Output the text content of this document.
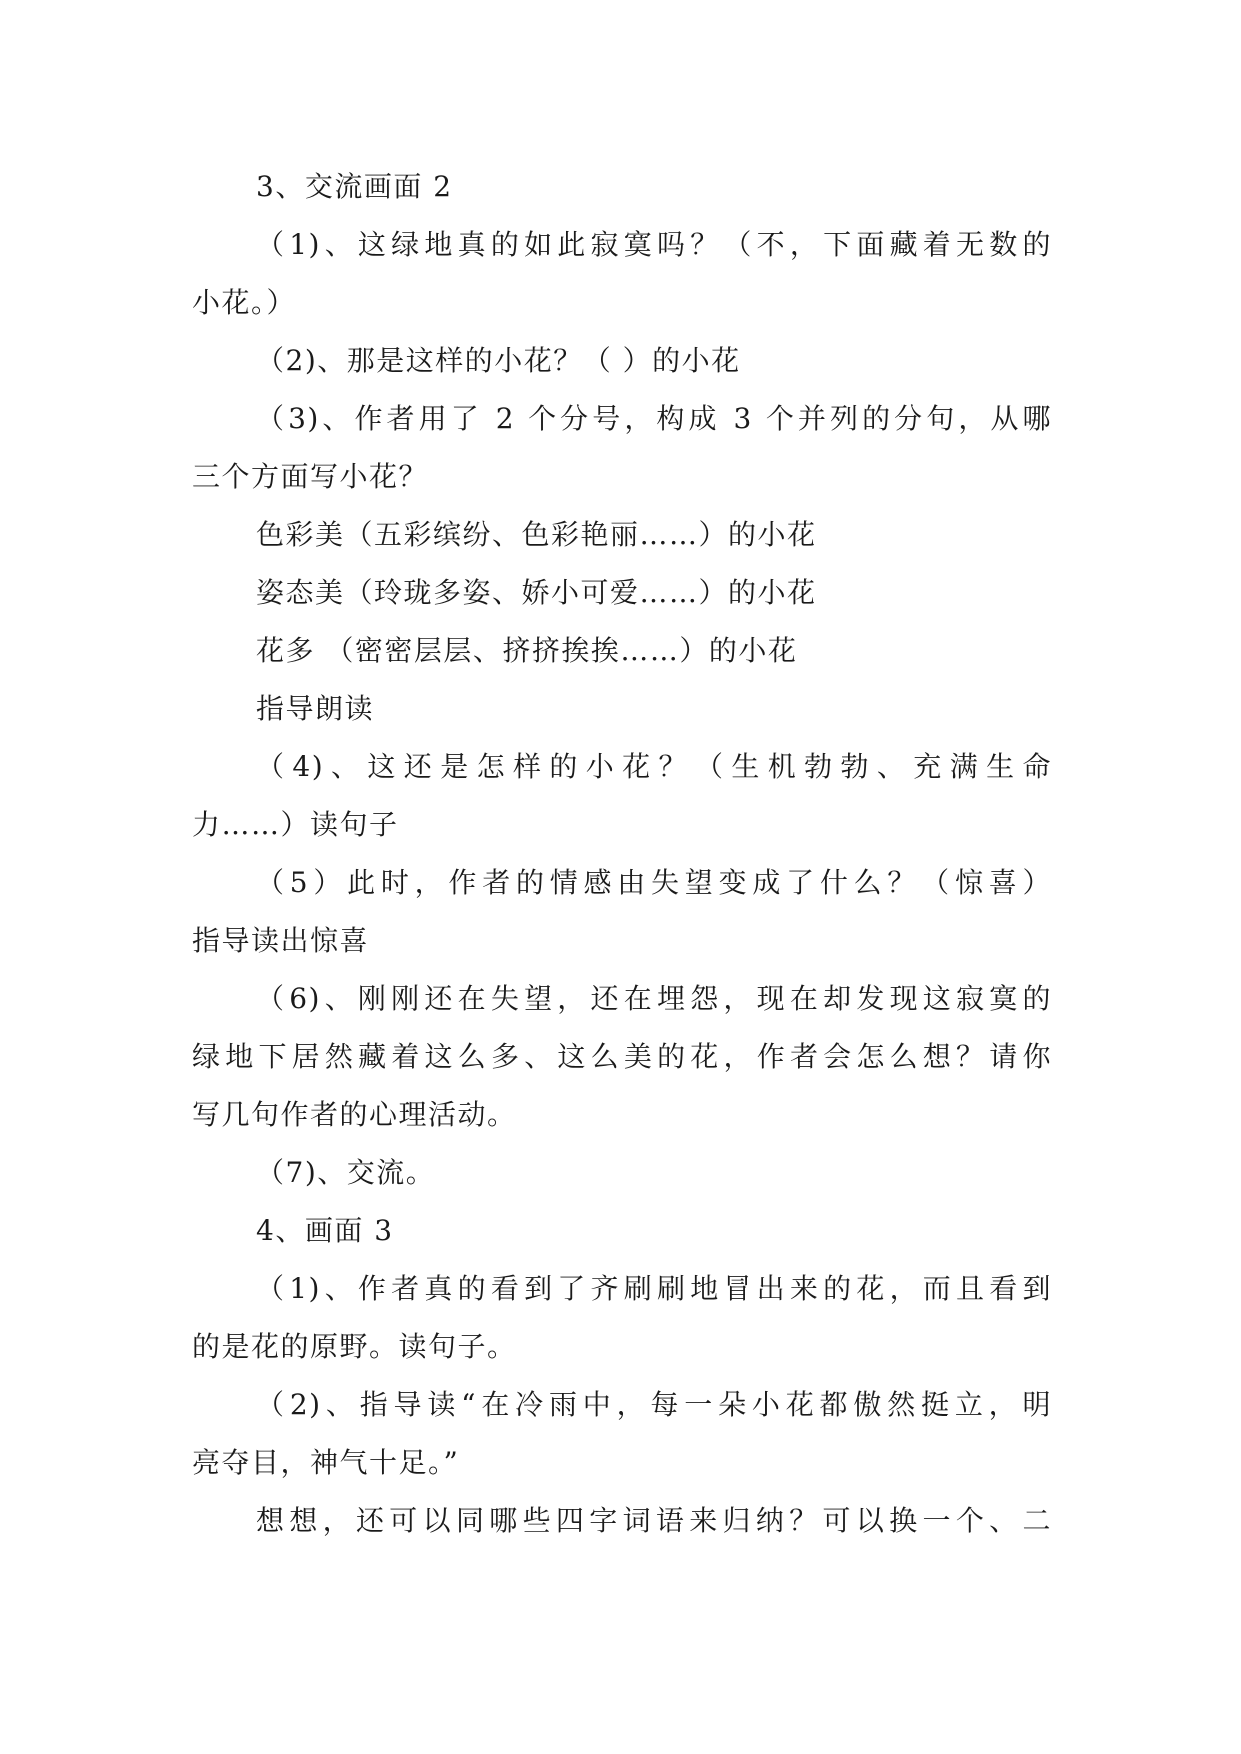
3、交流画面 2
（1)、这绿地真的如此寂寞吗？（不，下面藏着无数的
小花。）
（2)、那是这样的小花？（ ）的小花
（3)、作者用了 2 个分号，构成 3 个并列的分句，从哪
三个方面写小花？
色彩美（五彩缤纷、色彩艳丽……）的小花
姿态美（玲珑多姿、娇小可爱……）的小花
花多 （密密层层、挤挤挨挨……）的小花
指导朗读
（4)、这还是怎样的小花？（生机勃勃、充满生命
力……）读句子
（5）此时，作者的情感由失望变成了什么？（惊喜）
指导读出惊喜
（6)、刚刚还在失望，还在埋怨，现在却发现这寂寞的
绿地下居然藏着这么多、这么美的花，作者会怎么想？请你
写几句作者的心理活动。
（7)、交流。
4、画面 3
（1)、作者真的看到了齐刷刷地冒出来的花，而且看到
的是花的原野。读句子。
（2)、指导读“在冷雨中，每一朵小花都傲然挺立，明
亮夺目，神气十足。”
想想，还可以同哪些四字词语来归纳？可以换一个、二
